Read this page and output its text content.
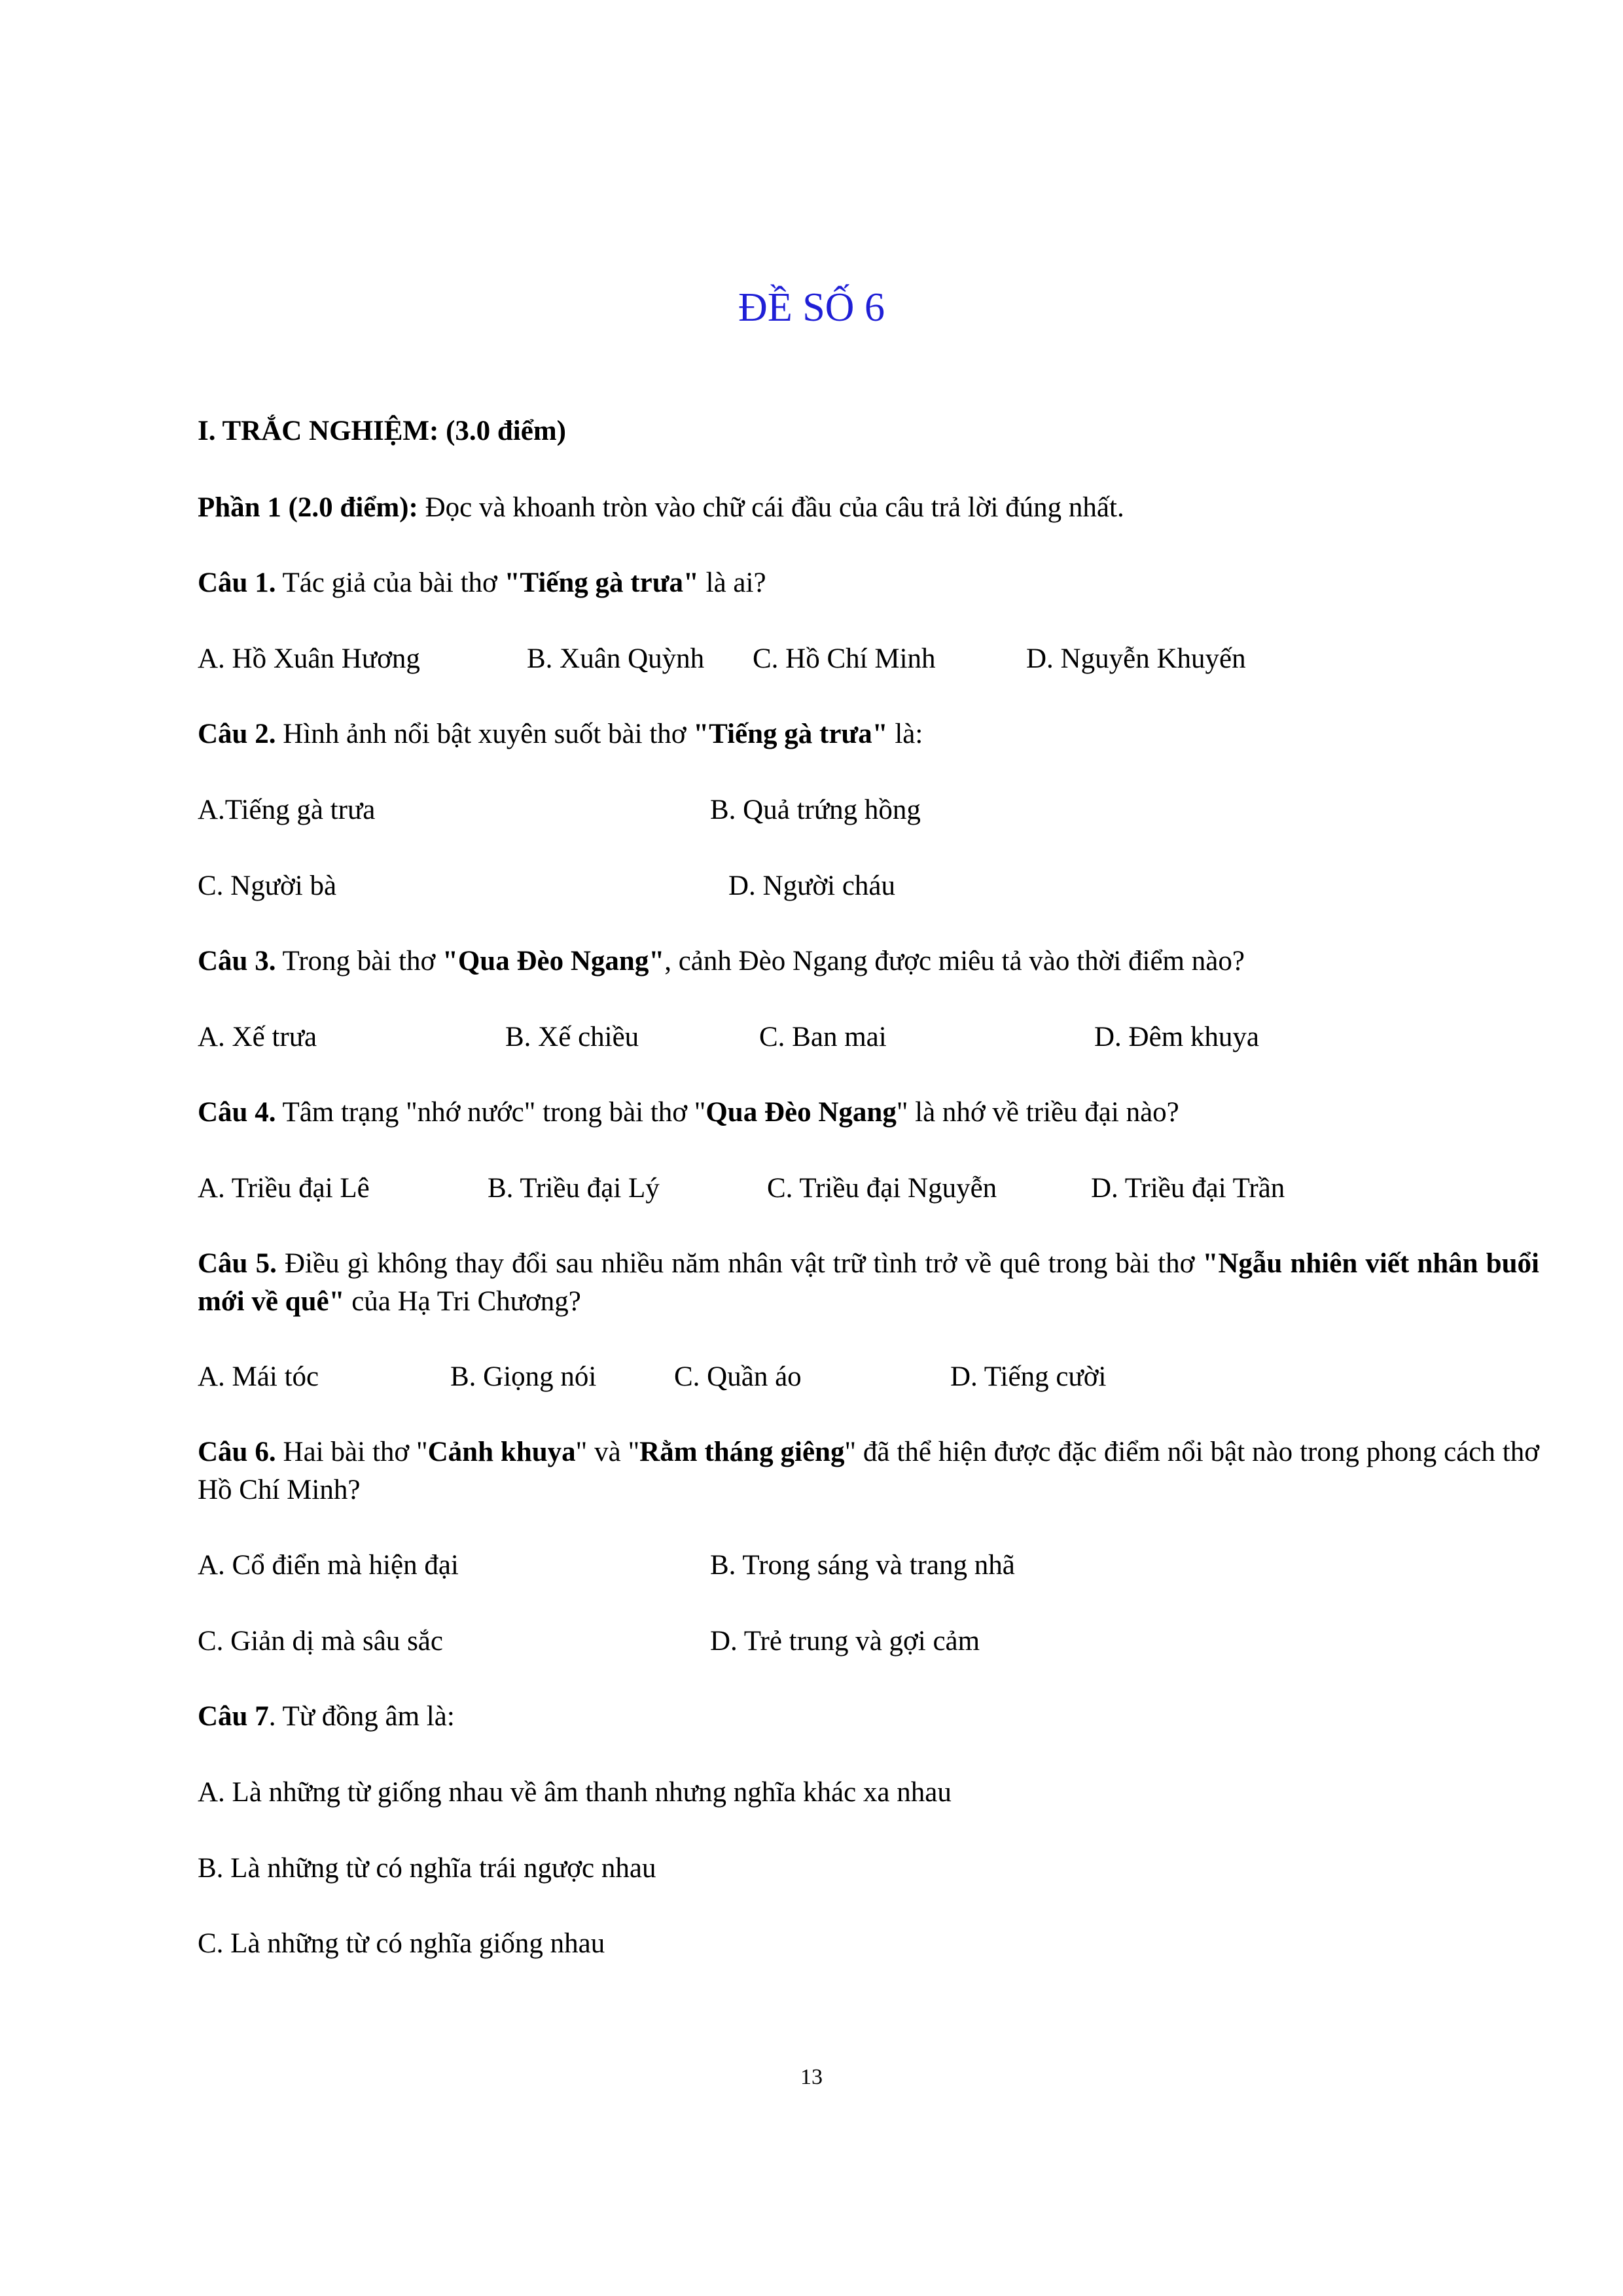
ĐỀ SỐ 6
I. TRẮC NGHIỆM: (3.0 điểm)
Phần 1 (2.0 điểm): Đọc và khoanh tròn vào chữ cái đầu của câu trả lời đúng nhất.
Câu 1. Tác giả của bài thơ "Tiếng gà trưa" là ai?
A. Hồ Xuân Hương	B. Xuân Quỳnh C. Hồ Chí Minh	D. Nguyễn Khuyến
Câu 2. Hình ảnh nổi bật xuyên suốt bài thơ "Tiếng gà trưa" là:
A.Tiếng gà trưa	B. Quả trứng hồng
C. Người bà	D. Người cháu
Câu 3. Trong bài thơ "Qua Đèo Ngang", cảnh Đèo Ngang được miêu tả vào thời điểm nào?
A. Xế trưa	B. Xế chiều	C. Ban mai	D. Đêm khuya
Câu 4. Tâm trạng "nhớ nước" trong bài thơ "Qua Đèo Ngang" là nhớ về triều đại nào?
A. Triều đại Lê	B. Triều đại Lý	C. Triều đại Nguyễn	D. Triều đại Trần
Câu 5. Điều gì không thay đổi sau nhiều năm nhân vật trữ tình trở về quê trong bài thơ "Ngẫu nhiên viết nhân buổi mới về quê" của Hạ Tri Chương?
A. Mái tóc	B. Giọng nói	C. Quần áo	D. Tiếng cười
Câu 6. Hai bài thơ "Cảnh khuya" và "Rằm tháng giêng" đã thể hiện được đặc điểm nổi bật nào trong phong cách thơ Hồ Chí Minh?
A. Cổ điển mà hiện đại	B. Trong sáng và trang nhã
C. Giản dị mà sâu sắc	D. Trẻ trung và gợi cảm
Câu 7. Từ đồng âm là:
A. Là những từ giống nhau về âm thanh nhưng nghĩa khác xa nhau
B. Là những từ có nghĩa trái ngược nhau
C. Là những từ có nghĩa giống nhau
13
